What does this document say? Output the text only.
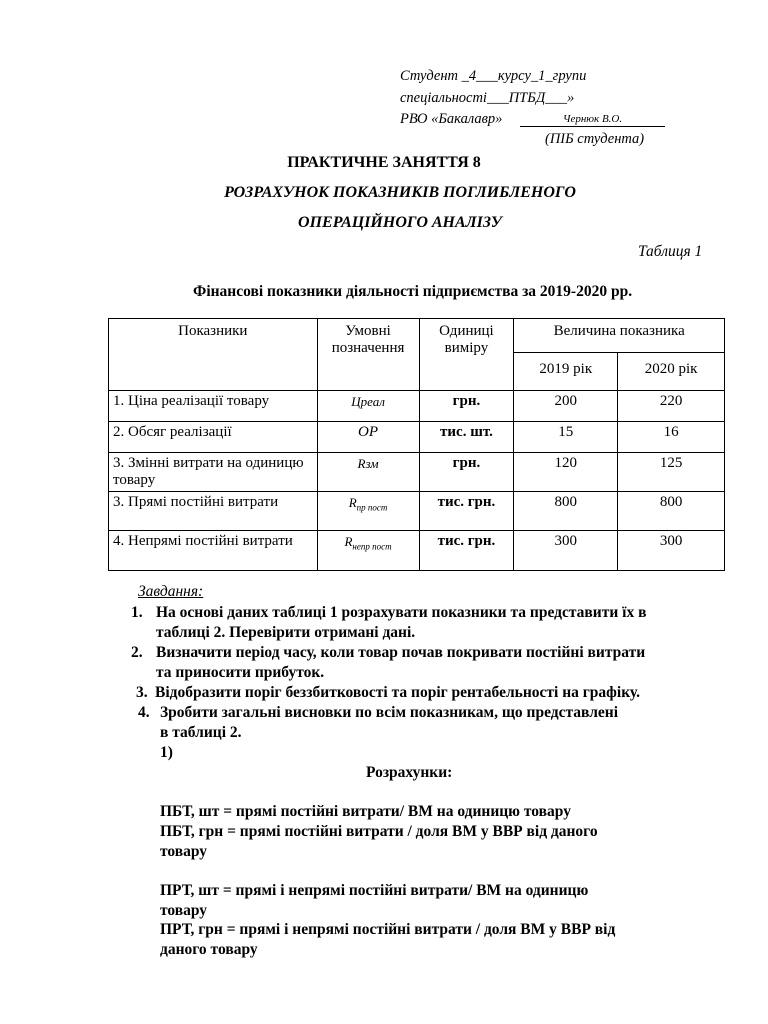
Студент _4___курсу_1_групи
спеціальності___ПТБД___»
РВО «Бакалавр»	Чернюк В.О.
(ПІБ студента)
ПРАКТИЧНЕ ЗАНЯТТЯ 8
РОЗРАХУНОК ПОКАЗНИКІВ ПОГЛИБЛЕНОГО
ОПЕРАЦІЙНОГО АНАЛІЗУ
Таблиця 1
Фінансові показники діяльності підприємства за 2019-2020 рр.
Показники	Умовні позначення	Одиниці виміру	Величина показника	
			2019 рік	2020 рік
1. Ціна реалізації товару	Цреал	грн.	200	220
2. Обсяг реалізації	ОР	тис. шт.	15	16
3. Змінні витрати на одиницю товару	Rзм	грн.	120	125
3. Прямі постійні витрати	$R_{пр пост}$	тис. грн.	800	800
4. Непрямі постійні витрати	$R_{непр пост}$	тис. грн.	300	300
Завдання:
1. На основі даних таблиці 1 розрахувати показники та представити їх в
таблиці 2. Перевірити отримані дані.
2. Визначити період часу, коли товар почав покривати постійні витрати
та приносити прибуток.
3. Відобразити поріг беззбитковості та поріг рентабельності на графіку.
4. Зробити загальні висновки по всім показникам, що представлені
в таблиці 2.
1)
Розрахунки:
ПБТ, шт = прямі постійні витрати/ ВМ на одиницю товару
ПБТ, грн = прямі постійні витрати / доля ВМ у ВВР від даного
товару
ПРТ, шт = прямі і непрямі постійні витрати/ ВМ на одиницю
товару
ПРТ, грн = прямі і непрямі постійні витрати / доля ВМ у ВВР від
даного товару
